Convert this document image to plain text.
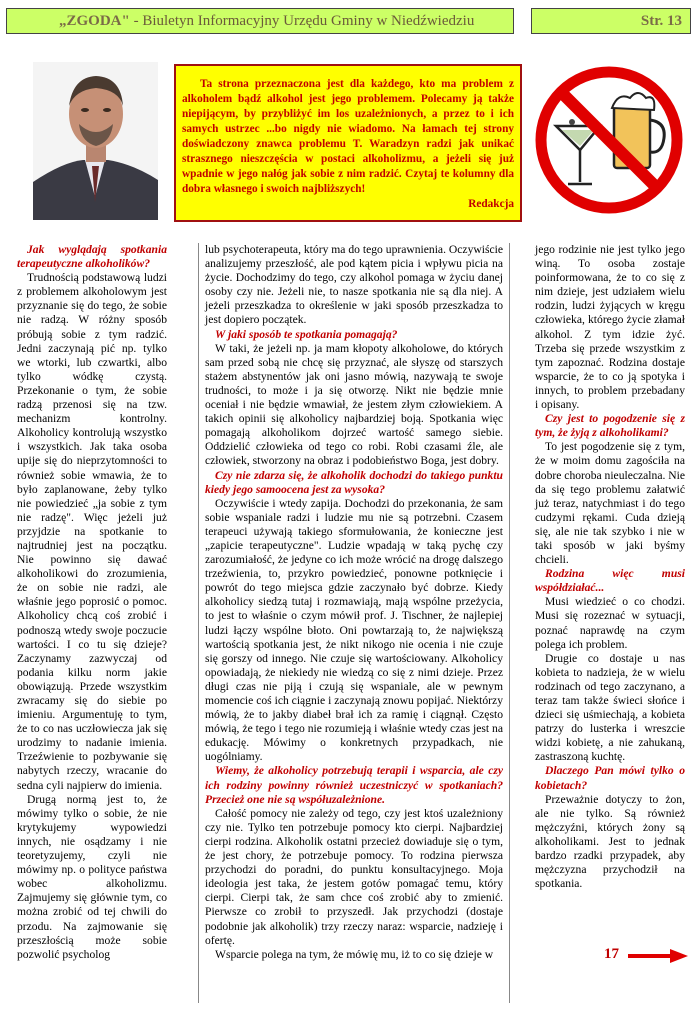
„ZGODA" - Biuletyn Informacyjny Urzędu Gminy w Niedźwiedziu	Str. 13
Ta strona przeznaczona jest dla każdego, kto ma problem z alkoholem bądź alkohol jest jego problemem. Polecamy ją także niepijącym, by przybliżyć im los uzależnionych, a przez to i ich samych ustrzec ...bo nigdy nie wiadomo. Na łamach tej strony doświadczony znawca problemu T. Waradzyn radzi jak unikać strasznego nieszczęścia w postaci alkoholizmu, a jeżeli się już wpadnie w jego nałóg jak sobie z nim radzić. Czytaj te kolumny dla dobra własnego i swoich najbliższych!
Redakcja

Jak wyglądają spotkania terapeutyczne alkoholików?

Trudnością podstawową ludzi z problemem alkoholowym jest przyznanie się do tego, że sobie nie radzą. W różny sposób próbują sobie z tym radzić. Jedni zaczynają pić np. tylko we wtorki, lub czwartki, albo tylko wódkę czystą. Przekonanie o tym, że sobie radzą przenosi się na tzw. mechanizm kontrolny. Alkoholicy kontrolują wszystko i wszystkich. Jak taka osoba upije się do nieprzytomności to również sobie wmawia, że to było zaplanowane, żeby tylko nie powiedzieć „ja sobie z tym nie radzę". Więc jeżeli już przyjdzie na spotkanie to najtrudniej jest na początku. Nie powinno się dawać alkoholikowi do zrozumienia, że on sobie nie radzi, ale właśnie jego poprosić o pomoc. Alkoholicy chcą coś zrobić i podnoszą wtedy swoje poczucie wartości. I co tu się dzieje? Zaczynamy zazwyczaj od podania kilku norm jakie obowiązują. Przede wszystkim zwracamy się do siebie po imieniu. Argumentuję to tym, że to co nas uczłowiecza jak się urodzimy to nadanie imienia. Trzeźwienie to pozbywanie się nabytych rzeczy, wracanie do sedna cyli najpierw do imienia.

Drugą normą jest to, że mówimy tylko o sobie, że nie krytykujemy wypowiedzi innych, nie osądzamy i nie teoretyzujemy, czyli nie mówimy np. o polityce państwa wobec alkoholizmu. Zajmujemy się głównie tym, co można zrobić od tej chwili do przodu. Na zajmowanie się przeszłością może sobie pozwolić psycholog

lub psychoterapeuta, który ma do tego uprawnienia. Oczywiście analizujemy przeszłość, ale pod kątem picia i wpływu picia na życie. Dochodzimy do tego, czy alkohol pomaga w życiu danej osoby czy nie. Jeżeli nie, to nasze spotkania nie są dla niej. A jeżeli przeszkadza to określenie w jaki sposób przeszkadza to jest dopiero początek.

W jaki sposób te spotkania pomagają?

W taki, że jeżeli np. ja mam kłopoty alkoholowe, do których sam przed sobą nie chcę się przyznać, ale słyszę od starszych stażem abstynentów jak oni jasno mówią, nazywają te swoje trudności, to może i ja się otworzę. Nikt nie będzie mnie oceniał i nie będzie wmawiał, że jestem złym człowiekiem. A takich opinii się alkoholicy najbardziej boją. Spotkania więc pomagają alkoholikom dojrzeć wartość samego siebie. Oddzielić człowieka od tego co robi. Robi czasami źle, ale człowiek, stworzony na obraz i podobieństwo Boga, jest dobry.

Czy nie zdarza się, że alkoholik dochodzi do takiego punktu kiedy jego samoocena jest za wysoka?

Oczywiście i wtedy zapija. Dochodzi do przekonania, że sam sobie wspaniale radzi i ludzie mu nie są potrzebni. Czasem terapeuci używają takiego sformułowania, że konieczne jest „zapicie terapeutyczne". Ludzie wpadają w taką pychę czy zarozumiałość, że jedyne co ich może wrócić na drogę dalszego trzeźwienia, to, przykro powiedzieć, ponowne potknięcie i powrót do tego miejsca gdzie zaczynało być dobrze. Kiedy alkoholicy siedzą tutaj i rozmawiają, mają wspólne przeżycia, to jest to właśnie o czym mówił prof. J. Tischner, że najlepiej ludzi łączy wspólne błoto. Oni powtarzają to, że największą wartością spotkania jest, że nikt nikogo nie ocenia i nie czuje się gorszy od innego. Nie czuje się wartościowany. Alkoholicy opowiadają, że niekiedy nie wiedzą co się z nimi dzieje. Przez długi czas nie piją i czują się wspaniale, ale w pewnym momencie coś ich ciągnie i zaczynają znowu popijać. Niektórzy mówią, że to jakby diabeł brał ich za ramię i ciągnął. Często mówią, że tego i tego nie rozumieją i właśnie wtedy czas jest na edukację. Mówimy o konkretnych przypadkach, nie uogólniamy.

Wiemy, że alkoholicy potrzebują terapii i wsparcia, ale czy ich rodziny powinny również uczestniczyć w spotkaniach? Przecież one nie są współuzależnione.

Całość pomocy nie zależy od tego, czy jest ktoś uzależniony czy nie. Tylko ten potrzebuje pomocy kto cierpi. Najbardziej cierpi rodzina. Alkoholik ostatni przecież dowiaduje się o tym, że jest chory, że potrzebuje pomocy. To rodzina pierwsza przychodzi do poradni, do punktu konsultacyjnego. Moja ideologia jest taka, że jestem gotów pomagać temu, który cierpi. Cierpi tak, że sam chce coś zrobić aby to zmienić. Pierwsze co zrobił to przyszedł. Jak przychodzi (dostaje podobnie jak alkoholik) trzy rzeczy naraz: wsparcie, nadzieję i ofertę.

Wsparcie polega na tym, że mówię mu, iż to co się dzieje w

jego rodzinie nie jest tylko jego winą. To osoba zostaje poinformowana, że to co się z nim dzieje, jest udziałem wielu rodzin, ludzi żyjących w kręgu człowieka, którego życie złamał alkohol. Z tym idzie żyć. Trzeba się przede wszystkim z tym zapoznać. Rodzina dostaje wsparcie, że to co ją spotyka i innych, to problem przebadany i opisany.

Czy jest to pogodzenie się z tym, że żyją z alkoholikami?

To jest pogodzenie się z tym, że w moim domu zagościła na dobre choroba nieuleczalna. Nie da się tego problemu załatwić już teraz, natychmiast i do tego cudzymi rękami. Cuda dzieją się, ale nie tak szybko i nie w taki sposób w jaki byśmy chcieli.

Rodzina więc musi współdziałać...

Musi wiedzieć o co chodzi. Musi się rozeznać w sytuacji, poznać naprawdę na czym polega ich problem.

Drugie co dostaje u nas kobieta to nadzieja, że w wielu rodzinach od tego zaczynano, a teraz tam także świeci słońce i dzieci się uśmiechają, a kobieta patrzy do lusterka i wreszcie widzi kobietę, a nie zahukaną, zastraszoną kuchtę.

Dlaczego Pan mówi tylko o kobietach?

Przeważnie dotyczy to żon, ale nie tylko. Są również mężczyźni, których żony są alkoholikami. Jest to jednak bardzo rzadki przypadek, aby mężczyzna przychodził na spotkania.

17
